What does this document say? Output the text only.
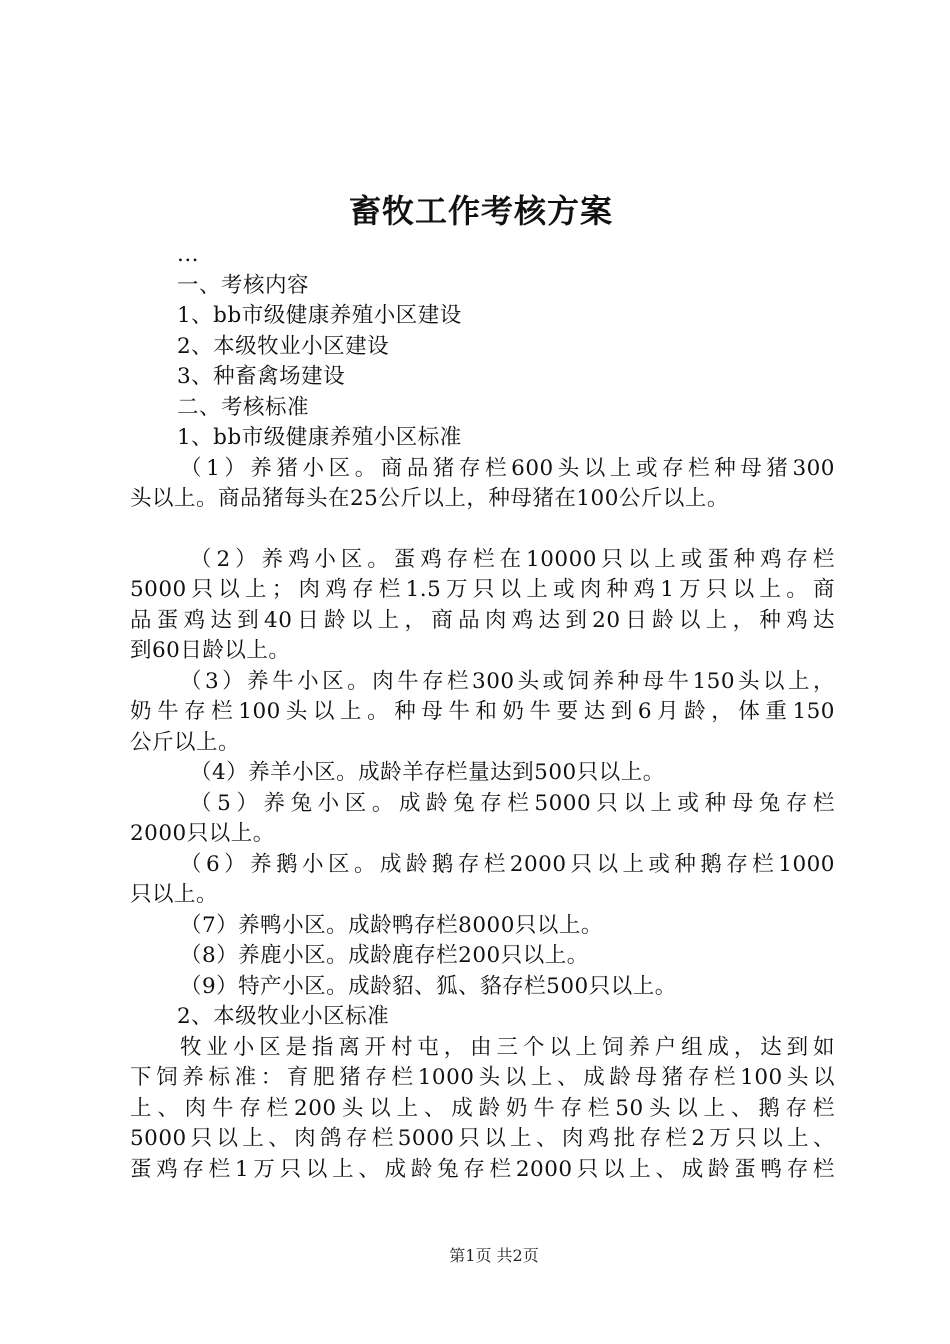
畜牧工作考核方案

...

一、考核内容

1、bb市级健康养殖小区建设

2、本级牧业小区建设

3、种畜禽场建设

二、考核标准

1、bb市级健康养殖小区标准

（1）养猪小区。商品猪存栏600头以上或存栏种母猪300

头以上。商品猪每头在25公斤以上，种母猪在100公斤以上。

（2）养鸡小区。蛋鸡存栏在10000只以上或蛋种鸡存栏

5000只以上；肉鸡存栏1.5万只以上或肉种鸡1万只以上。商

品蛋鸡达到40日龄以上，商品肉鸡达到20日龄以上，种鸡达

到60日龄以上。

（3）养牛小区。肉牛存栏300头或饲养种母牛150头以上，

奶牛存栏100头以上。种母牛和奶牛要达到6月龄，体重150

公斤以上。

（4）养羊小区。成龄羊存栏量达到500只以上。

（5）养兔小区。成龄兔存栏5000只以上或种母兔存栏

2000只以上。

（6）养鹅小区。成龄鹅存栏2000只以上或种鹅存栏1000

只以上。

（7）养鸭小区。成龄鸭存栏8000只以上。

（8）养鹿小区。成龄鹿存栏200只以上。

（9）特产小区。成龄貂、狐、貉存栏500只以上。

2、本级牧业小区标准

牧业小区是指离开村屯，由三个以上饲养户组成，达到如

下饲养标准：育肥猪存栏1000头以上、成龄母猪存栏100头以

上、肉牛存栏200头以上、成龄奶牛存栏50头以上、鹅存栏

5000只以上、肉鸽存栏5000只以上、肉鸡批存栏2万只以上、

蛋鸡存栏1万只以上、成龄兔存栏2000只以上、成龄蛋鸭存栏

第1页 共2页
